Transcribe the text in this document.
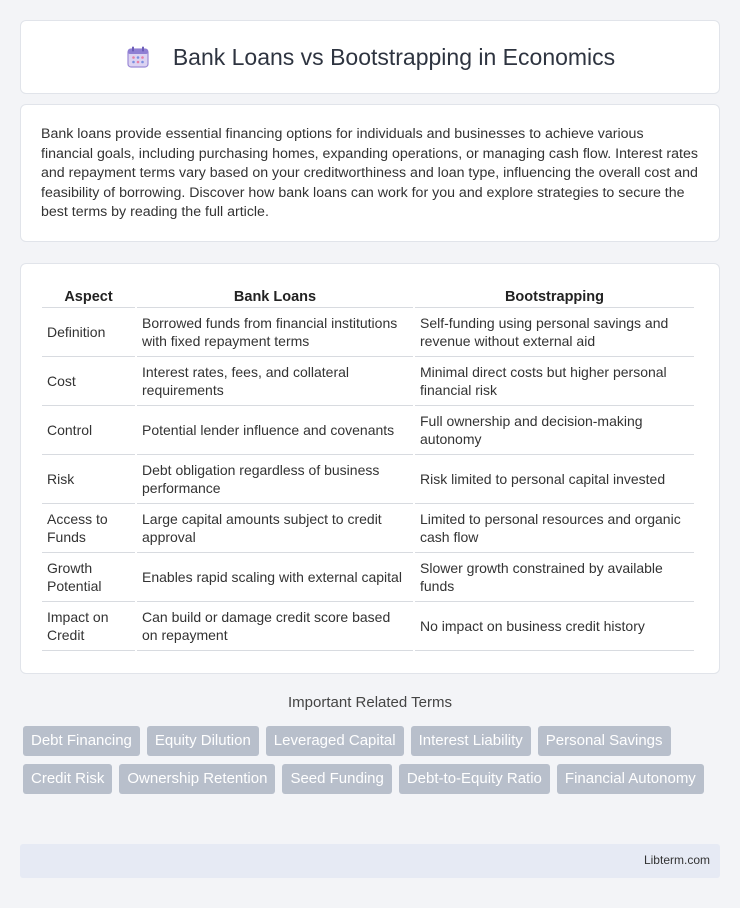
Bank Loans vs Bootstrapping in Economics

Bank loans provide essential financing options for individuals and businesses to achieve various financial goals, including purchasing homes, expanding operations, or managing cash flow. Interest rates and repayment terms vary based on your creditworthiness and loan type, influencing the overall cost and feasibility of borrowing. Discover how bank loans can work for you and explore strategies to secure the best terms by reading the full article.

Aspect	Bank Loans	Bootstrapping
Definition	Borrowed funds from financial institutions with fixed repayment terms	Self-funding using personal savings and revenue without external aid
Cost	Interest rates, fees, and collateral requirements	Minimal direct costs but higher personal financial risk
Control	Potential lender influence and covenants	Full ownership and decision-making autonomy
Risk	Debt obligation regardless of business performance	Risk limited to personal capital invested
Access to Funds	Large capital amounts subject to credit approval	Limited to personal resources and organic cash flow
Growth Potential	Enables rapid scaling with external capital	Slower growth constrained by available funds
Impact on Credit	Can build or damage credit score based on repayment	No impact on business credit history
Important Related Terms
Debt Financing	Equity Dilution	Leveraged Capital	Interest Liability	Personal Savings
Credit Risk	Ownership Retention	Seed Funding	Debt-to-Equity Ratio	Financial Autonomy
Libterm.com
